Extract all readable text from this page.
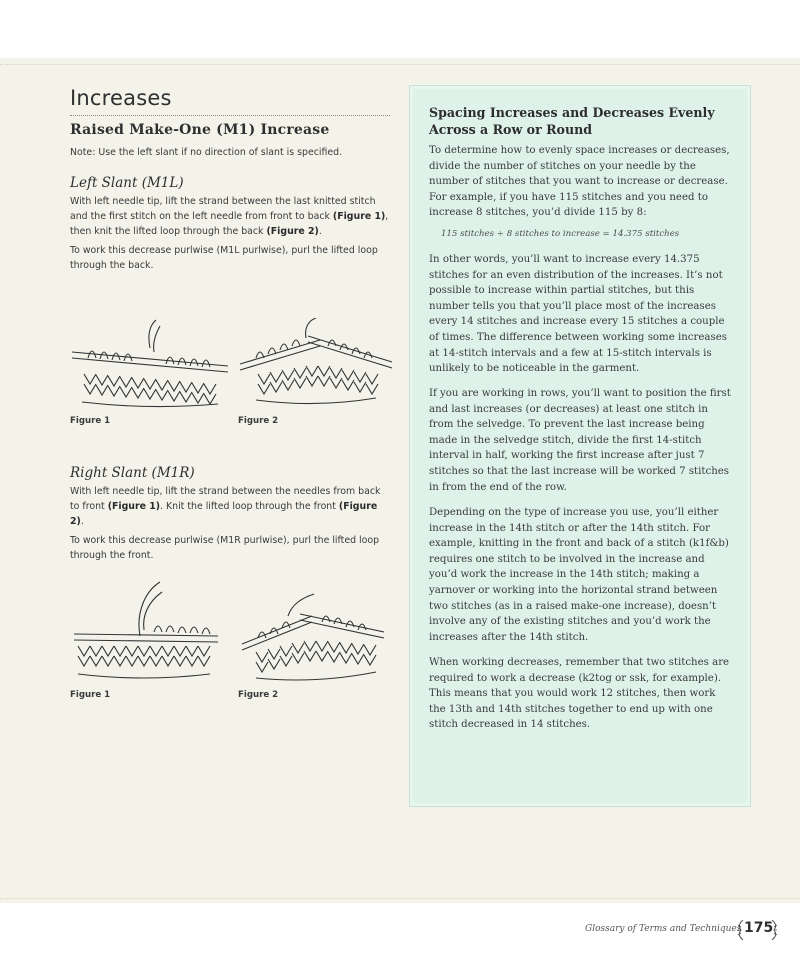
Increases
Raised Make-One (M1) Increase

Note: Use the left slant if no direction of slant is specified.

Left Slant (M1L)

With left needle tip, lift the strand between the last knitted stitch and the first stitch on the left needle from front to back (Figure 1), then knit the lifted loop through the back (Figure 2).

To work this decrease purlwise (M1L purlwise), purl the lifted loop through the back.

Figure 1	Figure 2

Right Slant (M1R)

With left needle tip, lift the strand between the needles from back to front (Figure 1). Knit the lifted loop through the front (Figure 2).

To work this decrease purlwise (M1R purlwise), purl the lifted loop through the front.

Figure 1	Figure 2

Spacing Increases and Decreases Evenly Across a Row or Round

To determine how to evenly space increases or decreases, divide the number of stitches on your needle by the number of stitches that you want to increase or decrease. For example, if you have 115 stitches and you need to increase 8 stitches, you’d divide 115 by 8:

115 stitches ÷ 8 stitches to increase = 14.375 stitches

In other words, you’ll want to increase every 14.375 stitches for an even distribution of the increases. It’s not possible to increase within partial stitches, but this number tells you that you’ll place most of the increases every 14 stitches and increase every 15 stitches a couple of times. The difference between working some increases at 14-stitch intervals and a few at 15-stitch intervals is unlikely to be noticeable in the garment.

If you are working in rows, you’ll want to position the first and last increases (or decreases) at least one stitch in from the selvedge. To prevent the last increase being made in the selvedge stitch, divide the first 14-stitch interval in half, working the first increase after just 7 stitches so that the last increase will be worked 7 stitches in from the end of the row.

Depending on the type of increase you use, you’ll either increase in the 14th stitch or after the 14th stitch. For example, knitting in the front and back of a stitch (k1f&b) requires one stitch to be involved in the increase and you’d work the increase in the 14th stitch; making a yarnover or working into the horizontal strand between two stitches (as in a raised make-one increase), doesn’t involve any of the existing stitches and you’d work the increases after the 14th stitch.

When working decreases, remember that two stitches are required to work a decrease (k2tog or ssk, for example). This means that you would work 12 stitches, then work the 13th and 14th stitches together to end up with one stitch decreased in 14 stitches.

Glossary of Terms and Techniques 175
